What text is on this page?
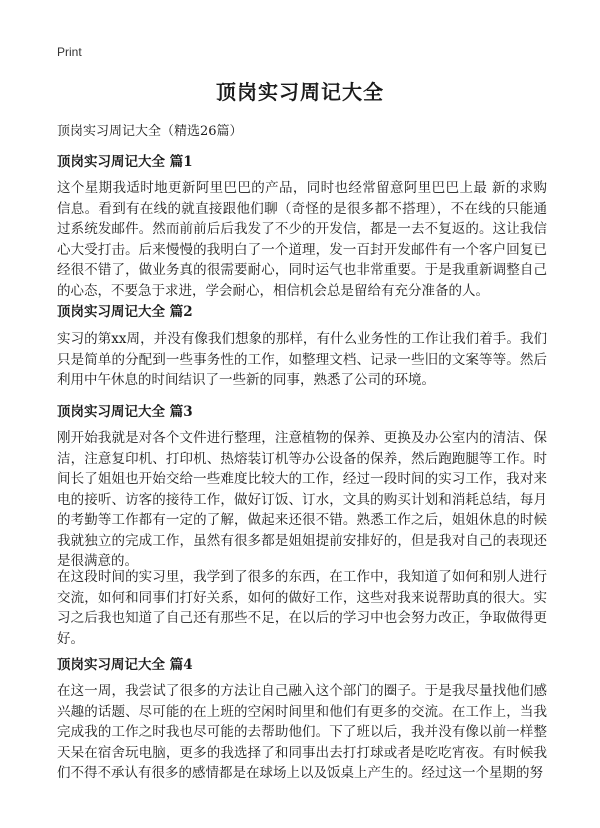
Print
顶岗实习周记大全
顶岗实习周记大全（精选26篇）
顶岗实习周记大全 篇1

这个星期我适时地更新阿里巴巴的产品，同时也经常留意阿里巴巴上最 新的求购信息。看到有在线的就直接跟他们聊（奇怪的是很多都不搭理），不在线的只能通过系统发邮件。然而前前后后我发了不少的开发信，都是一去不复返的。这让我信心大受打击。后来慢慢的我明白了一个道理，发一百封开发邮件有一个客户回复已经很不错了，做业务真的很需要耐心，同时运气也非常重要。于是我重新调整自己的心态，不要急于求进，学会耐心，相信机会总是留给有充分准备的人。

顶岗实习周记大全 篇2

实习的第xx周，并没有像我们想象的那样，有什么业务性的工作让我们着手。我们只是简单的分配到一些事务性的工作，如整理文档、记录一些旧的文案等等。然后利用中午休息的时间结识了一些新的同事，熟悉了公司的环境。

顶岗实习周记大全 篇3

刚开始我就是对各个文件进行整理，注意植物的保养、更换及办公室内的清洁、保洁，注意复印机、打印机、热熔装订机等办公设备的保养，然后跑跑腿等工作。时间长了姐姐也开始交给一些难度比较大的工作，经过一段时间的实习工作，我对来电的接听、访客的接待工作，做好订饭、订水，文具的购买计划和消耗总结，每月的考勤等工作都有一定的了解，做起来还很不错。熟悉工作之后，姐姐休息的时候我就独立的完成工作，虽然有很多都是姐姐提前安排好的，但是我对自己的表现还是很满意的。

在这段时间的实习里，我学到了很多的东西，在工作中，我知道了如何和别人进行交流，如何和同事们打好关系，如何的做好工作，这些对我来说帮助真的很大。实习之后我也知道了自己还有那些不足，在以后的学习中也会努力改正，争取做得更好。

顶岗实习周记大全 篇4

在这一周，我尝试了很多的方法让自己融入这个部门的圈子。于是我尽量找他们感兴趣的话题、尽可能的在上班的空闲时间里和他们有更多的交流。在工作上，当我完成我的工作之时我也尽可能的去帮助他们。下了班以后，我并没有像以前一样整天呆在宿舍玩电脑，更多的我选择了和同事出去打打球或者是吃吃宵夜。有时候我们不得不承认有很多的感情都是在球场上以及饭桌上产生的。经过这一个星期的努
